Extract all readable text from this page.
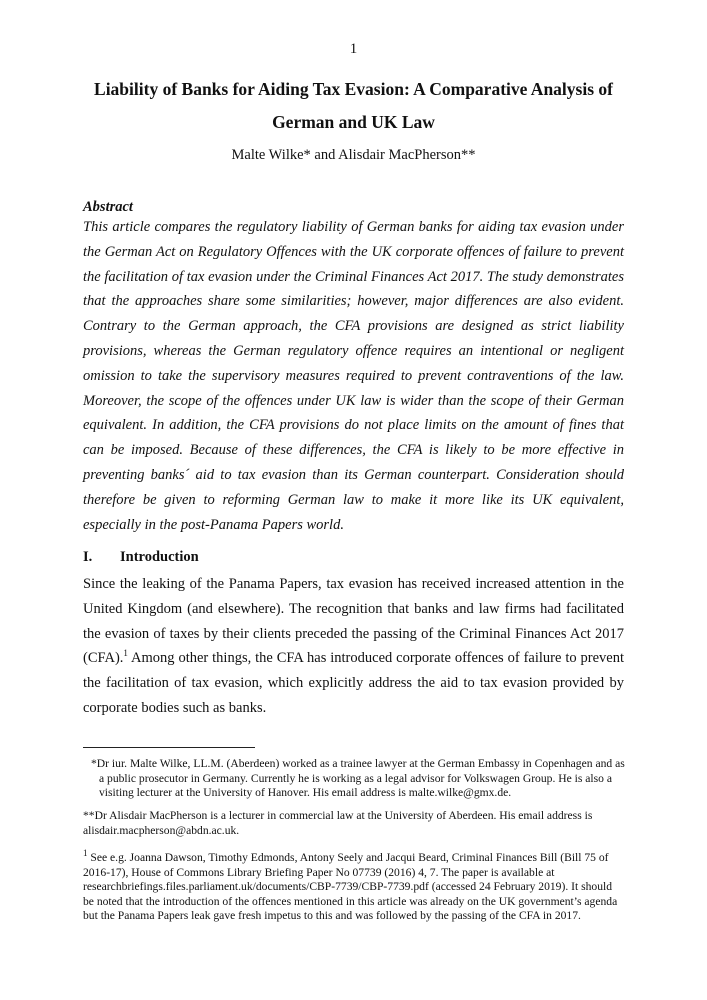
1
Liability of Banks for Aiding Tax Evasion: A Comparative Analysis of German and UK Law
Malte Wilke* and Alisdair MacPherson**
Abstract

This article compares the regulatory liability of German banks for aiding tax evasion under the German Act on Regulatory Offences with the UK corporate offences of failure to prevent the facilitation of tax evasion under the Criminal Finances Act 2017. The study demonstrates that the approaches share some similarities; however, major differences are also evident. Contrary to the German approach, the CFA provisions are designed as strict liability provisions, whereas the German regulatory offence requires an intentional or negligent omission to take the supervisory measures required to prevent contraventions of the law. Moreover, the scope of the offences under UK law is wider than the scope of their German equivalent. In addition, the CFA provisions do not place limits on the amount of fines that can be imposed. Because of these differences, the CFA is likely to be more effective in preventing banks´ aid to tax evasion than its German counterpart. Consideration should therefore be given to reforming German law to make it more like its UK equivalent, especially in the post-Panama Papers world.

I. Introduction

Since the leaking of the Panama Papers, tax evasion has received increased attention in the United Kingdom (and elsewhere). The recognition that banks and law firms had facilitated the evasion of taxes by their clients preceded the passing of the Criminal Finances Act 2017 (CFA).$^1$ Among other things, the CFA has introduced corporate offences of failure to prevent the facilitation of tax evasion, which explicitly address the aid to tax evasion provided by corporate bodies such as banks.

*Dr iur. Malte Wilke, LL.M. (Aberdeen) worked as a trainee lawyer at the German Embassy in Copenhagen and as a public prosecutor in Germany. Currently he is working as a legal advisor for Volkswagen Group. He is also a visiting lecturer at the University of Hanover. His email address is malte.wilke@gmx.de.

**Dr Alisdair MacPherson is a lecturer in commercial law at the University of Aberdeen. His email address is alisdair.macpherson@abdn.ac.uk.

$^1$ See e.g. Joanna Dawson, Timothy Edmonds, Antony Seely and Jacqui Beard, Criminal Finances Bill (Bill 75 of 2016-17), House of Commons Library Briefing Paper No 07739 (2016) 4, 7. The paper is available at researchbriefings.files.parliament.uk/documents/CBP-7739/CBP-7739.pdf (accessed 24 February 2019). It should be noted that the introduction of the offences mentioned in this article was already on the UK government’s agenda but the Panama Papers leak gave fresh impetus to this and was followed by the passing of the CFA in 2017.
